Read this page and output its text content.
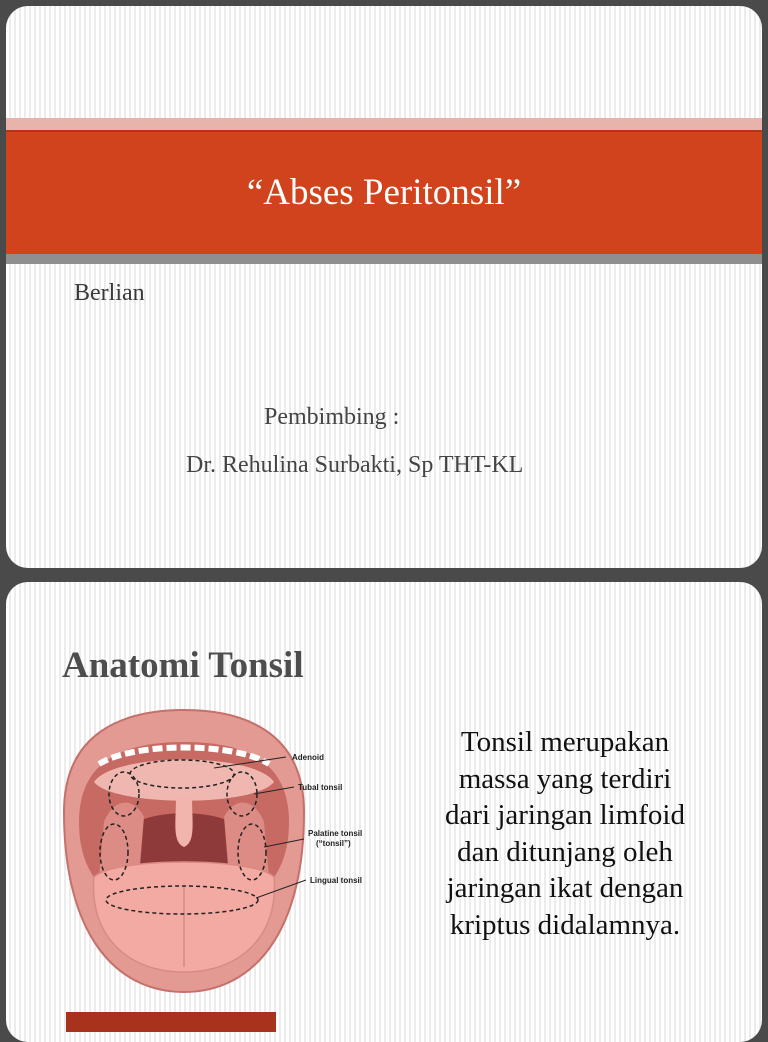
“Abses Peritonsil”
Berlian
Pembimbing :
Dr. Rehulina Surbakti, Sp THT-KL
Anatomi Tonsil
Adenoid
Tubal tonsil
Palatine tonsil
(“tonsil”)
Lingual tonsil
Tonsil merupakan
massa yang terdiri
dari jaringan limfoid
dan ditunjang oleh
jaringan ikat dengan
kriptus didalamnya.
